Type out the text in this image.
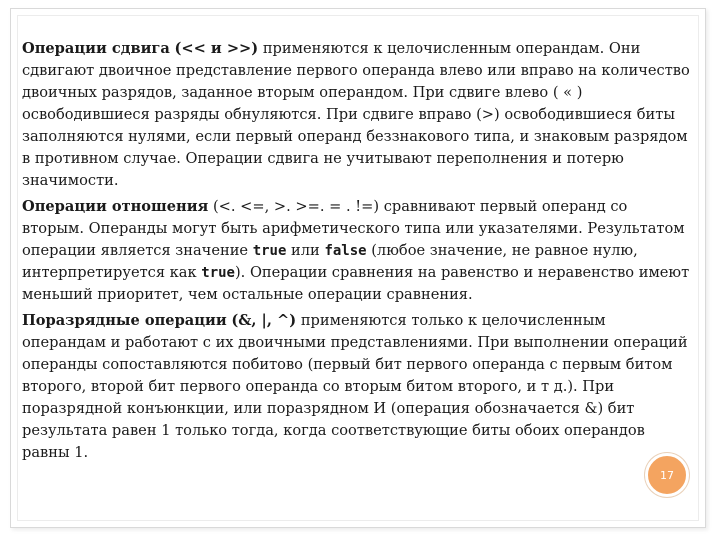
Операции сдвига (<< и >>) применяются к целочисленным операндам. Они сдвигают двоичное представление первого операнда влево или вправо на количество двоичных разрядов, заданное вторым операндом. При сдвиге влево ( « ) освободившиеся разряды обнуляются. При сдвиге вправо (>) освободившиеся биты заполняются нулями, если первый операнд беззнакового типа, и знаковым разрядом в противном случае. Операции сдвига не учитывают переполнения и потерю значимости.

Операции отношения (<. <=, >. >=. = . !=) сравнивают первый операнд со вторым. Операнды могут быть арифметического типа или указателями. Результатом операции является значение true или false (любое значение, не равное нулю, интерпретируется как true). Операции сравнения на равенство и неравенство имеют меньший приоритет, чем остальные операции сравнения.

Поразрядные операции (&, |, ^) применяются только к целочисленным операндам и работают с их двоичными представлениями. При выполнении операций операнды сопоставляются побитово (первый бит первого операнда с первым битом второго, второй бит первого операнда со вторым битом второго, и т д.). При поразрядной конъюнкции, или поразрядном И (операция обозначается &) бит результата равен 1 только тогда, когда соответствующие биты обоих операндов равны 1.

17
